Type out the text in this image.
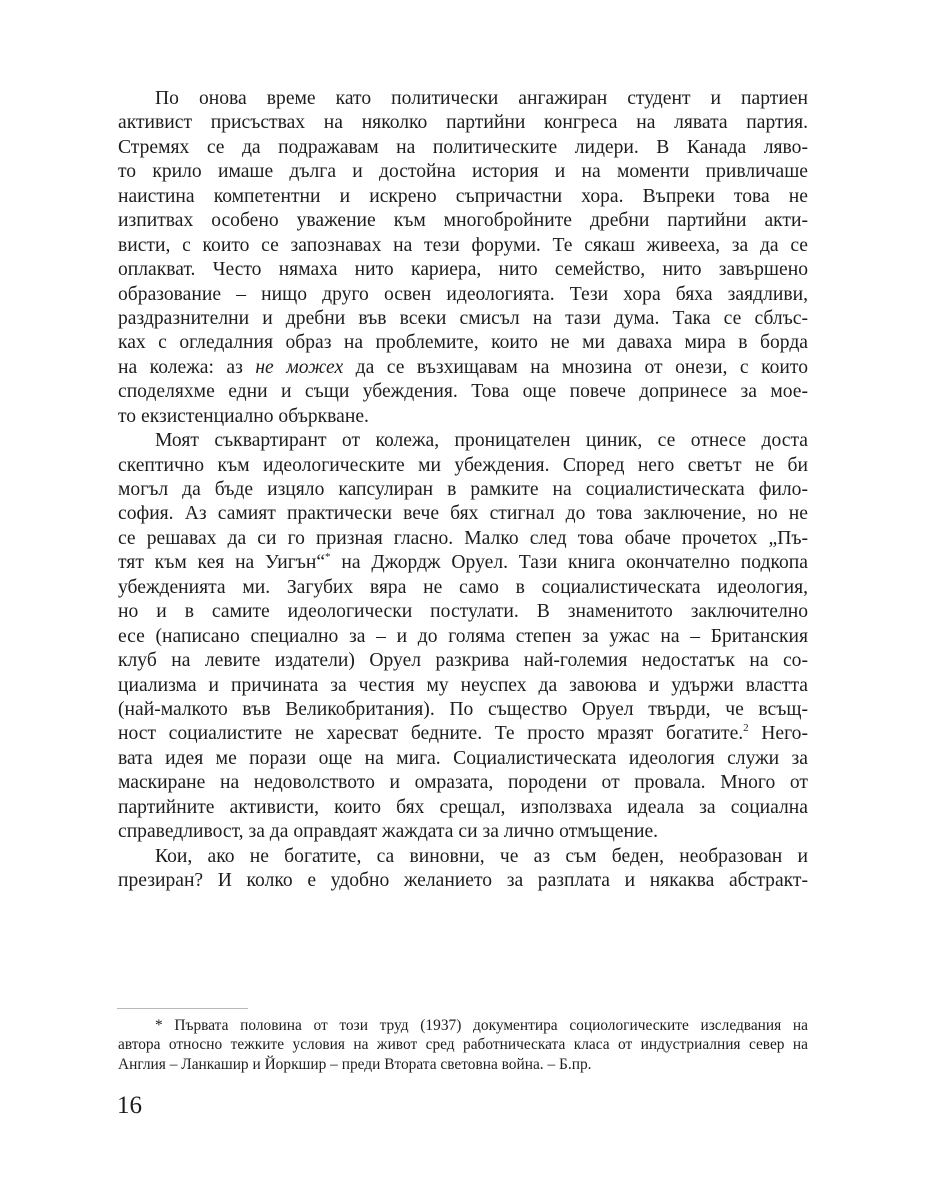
По онова време като политически ангажиран студент и партиен
активист присъствах на няколко партийни конгреса на лявата партия.
Стремях се да подражавам на политическите лидери. В Канада ляво-
то крило имаше дълга и достойна история и на моменти привличаше
наистина компетентни и искрено съпричастни хора. Въпреки това не
изпитвах особено уважение към многобройните дребни партийни акти-
висти, с които се запознавах на тези форуми. Те сякаш живееха, за да се
оплакват. Често нямаха нито кариера, нито семейство, нито завършено
образование – нищо друго освен идеологията. Тези хора бяха заядливи,
раздразнителни и дребни във всеки смисъл на тази дума. Така се сблъс-
ках с огледалния образ на проблемите, които не ми даваха мира в борда
на колежа: аз не можех да се възхищавам на мнозина от онези, с които
споделяхме едни и същи убеждения. Това още повече допринесе за мое-
то екзистенциално объркване.
Моят съквартирант от колежа, проницателен циник, се отнесе доста
скептично към идеологическите ми убеждения. Според него светът не би
могъл да бъде изцяло капсулиран в рамките на социалистическата фило-
софия. Аз самият практически вече бях стигнал до това заключение, но не
се решавах да си го призная гласно. Малко след това обаче прочетох „Пъ-
тят към кея на Уигън“* на Джордж Оруел. Тази книга окончателно подкопа
убежденията ми. Загубих вяра не само в социалистическата идеология,
но и в самите идеологически постулати. В знаменитото заключително
есе (написано специално за – и до голяма степен за ужас на – Британския
клуб на левите издатели) Оруел разкрива най-големия недостатък на со-
циализма и причината за честия му неуспех да завоюва и удържи властта
(най-малкото във Великобритания). По същество Оруел твърди, че всъщ-
ност социалистите не харесват бедните. Те просто мразят богатите.$^2$ Него-
вата идея ме порази още на мига. Социалистическата идеология служи за
маскиране на недоволството и омразата, породени от провала. Много от
партийните активисти, които бях срещал, използваха идеала за социална
справедливост, за да оправдаят жаждата си за лично отмъщение.
Кои, ако не богатите, са виновни, че аз съм беден, необразован и
презиран? И колко е удобно желанието за разплата и някаква абстракт-
* Първата половина от този труд (1937) документира социологическите изследвания на
автора относно тежките условия на живот сред работническата класа от индустриалния север на
Англия – Ланкашир и Йоркшир – преди Втората световна война. – Б.пр.
16
